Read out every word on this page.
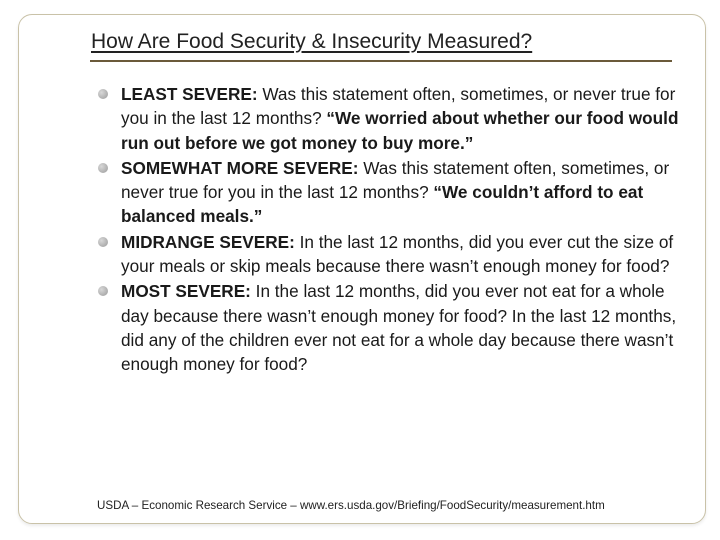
How Are Food Security & Insecurity Measured?
LEAST SEVERE: Was this statement often, sometimes, or never true for you in the last 12 months? “We worried about whether our food would run out before we got money to buy more.”
SOMEWHAT MORE SEVERE: Was this statement often, sometimes, or never true for you in the last 12 months? “We couldn’t afford to eat balanced meals.”
MIDRANGE SEVERE: In the last 12 months, did you ever cut the size of your meals or skip meals because there wasn’t enough money for food?
MOST SEVERE: In the last 12 months, did you ever not eat for a whole day because there wasn’t enough money for food? In the last 12 months, did any of the children ever not eat for a whole day because there wasn’t enough money for food?
USDA – Economic Research Service – www.ers.usda.gov/Briefing/FoodSecurity/measurement.htm
